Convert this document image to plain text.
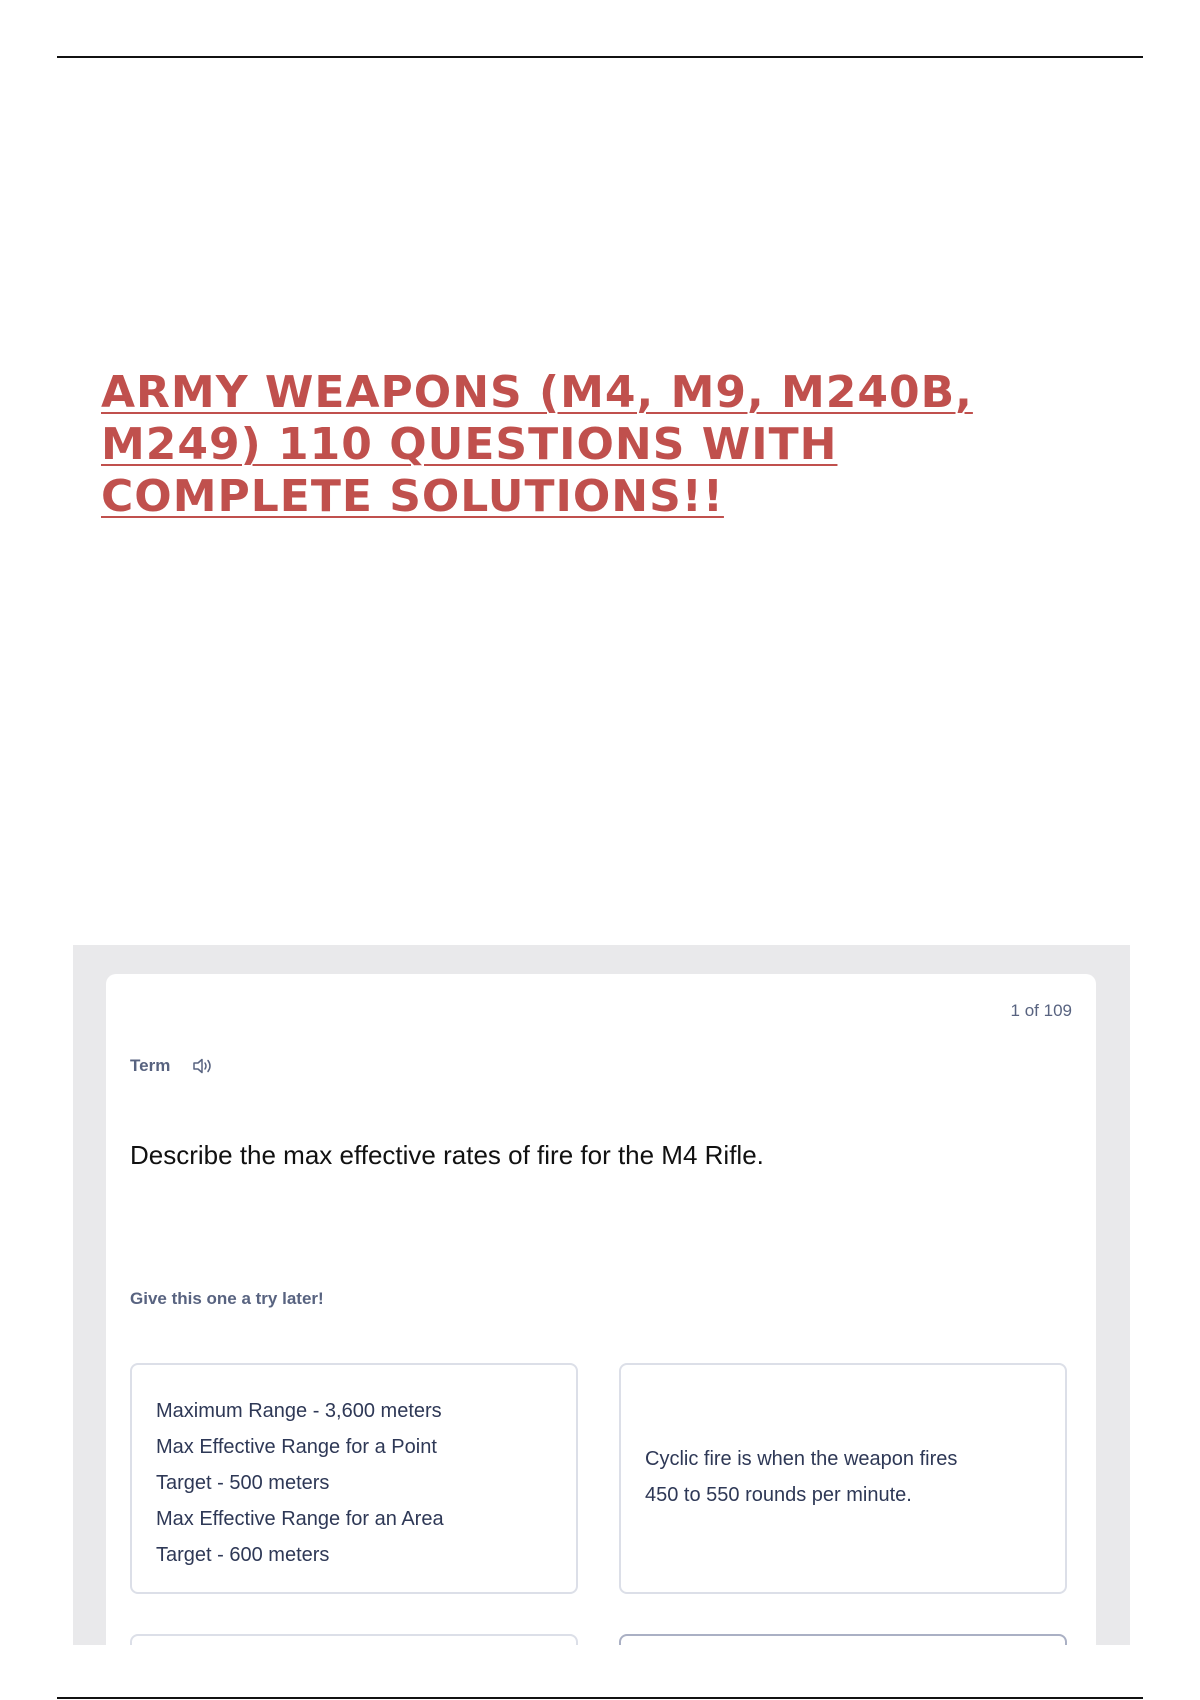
ARMY WEAPONS (M4, M9, M240B,
M249) 110 QUESTIONS WITH
COMPLETE SOLUTIONS!!
1 of 109
Term
Describe the max effective rates of fire for the M4 Rifle.
Give this one a try later!
Maximum Range - 3,600 meters
Max Effective Range for a Point
Target - 500 meters
Max Effective Range for an Area
Target - 600 meters
Cyclic fire is when the weapon fires
450 to 550 rounds per minute.
